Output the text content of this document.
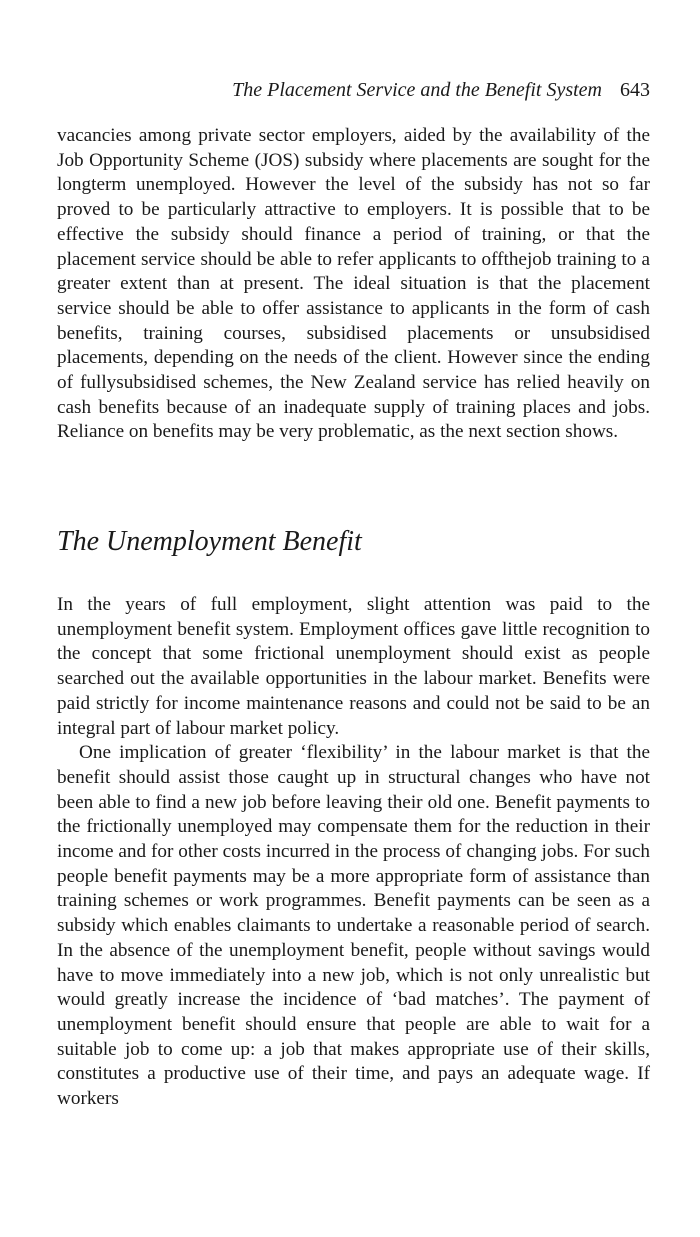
The Placement Service and the Benefit System 643

vacancies among private sector employers, aided by the availability of the Job Opportunity Scheme (JOS) subsidy where placements are sought for the longterm unemployed. However the level of the subsidy has not so far proved to be particularly attractive to employers. It is possible that to be effective the subsidy should finance a period of training, or that the placement service should be able to refer applicants to offthejob training to a greater extent than at present. The ideal situation is that the placement service should be able to offer assistance to applicants in the form of cash benefits, training courses, subsidised placements or unsubsidised placements, depending on the needs of the client. However since the ending of fullysubsidised schemes, the New Zealand service has relied heavily on cash benefits because of an inadequate supply of training places and jobs. Reliance on benefits may be very problematic, as the next section shows.

The Unemployment Benefit

In the years of full employment, slight attention was paid to the unemployment benefit system. Employment offices gave little recognition to the concept that some frictional unemployment should exist as people searched out the available opportunities in the labour market. Benefits were paid strictly for income maintenance reasons and could not be said to be an integral part of labour market policy.

One implication of greater ‘flexibility’ in the labour market is that the benefit should assist those caught up in structural changes who have not been able to find a new job before leaving their old one. Benefit payments to the frictionally unemployed may compensate them for the reduction in their income and for other costs incurred in the process of changing jobs. For such people benefit payments may be a more appropriate form of assistance than training schemes or work programmes. Benefit payments can be seen as a subsidy which enables claimants to undertake a reasonable period of search. In the absence of the unemployment benefit, people without savings would have to move immediately into a new job, which is not only unrealistic but would greatly increase the incidence of ‘bad matches’. The payment of unemployment benefit should ensure that people are able to wait for a suitable job to come up: a job that makes appropriate use of their skills, constitutes a productive use of their time, and pays an adequate wage. If workers
